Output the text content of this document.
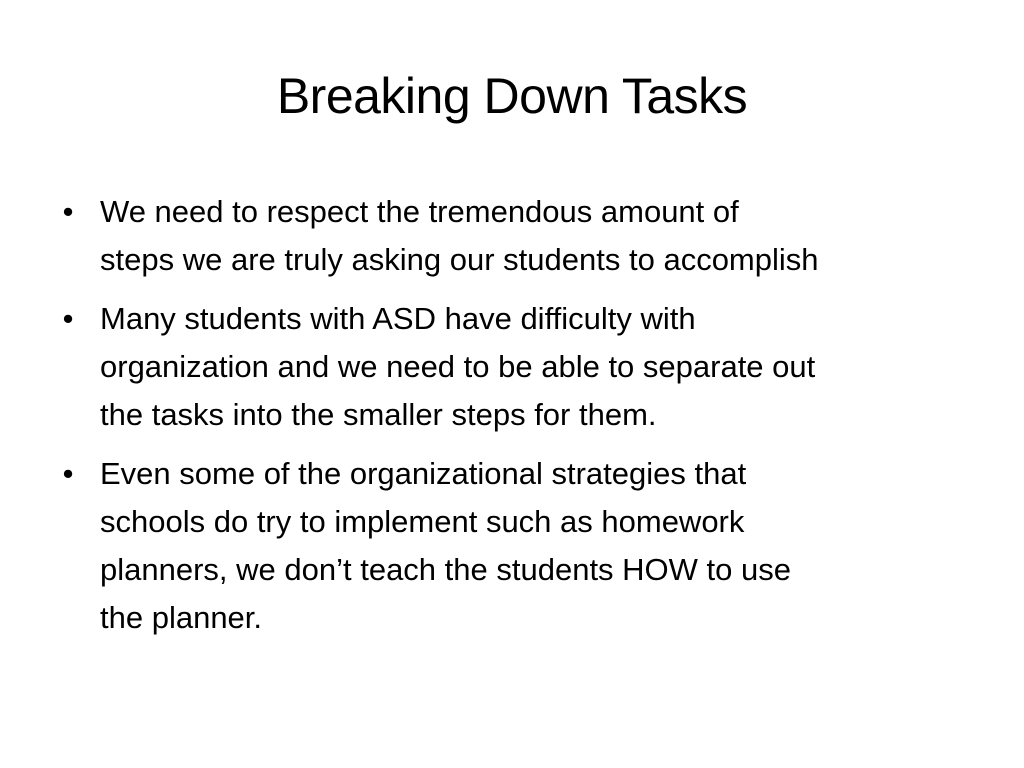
Breaking Down Tasks
• We need to respect the tremendous amount of
steps we are truly asking our students to accomplish
• Many students with ASD have difficulty with
organization and we need to be able to separate out
the tasks into the smaller steps for them.
• Even some of the organizational strategies that
schools do try to implement such as homework
planners, we don’t teach the students HOW to use
the planner.
